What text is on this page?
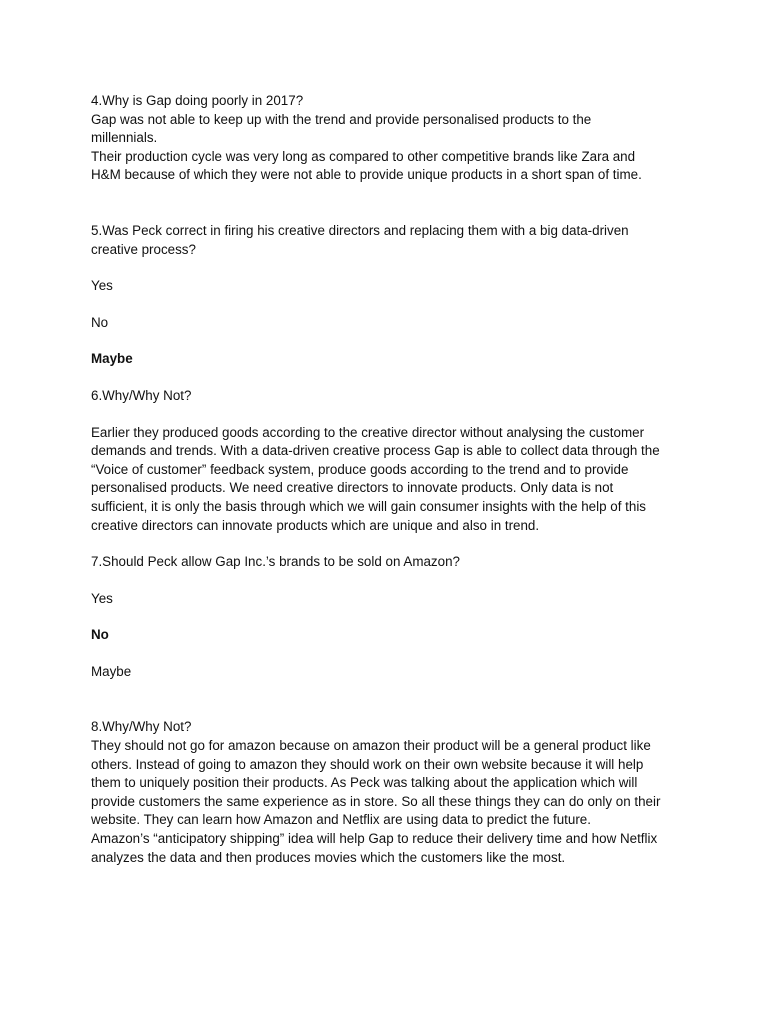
4.Why is Gap doing poorly in 2017?
Gap was not able to keep up with the trend and provide personalised products to the
millennials.
Their production cycle was very long as compared to other competitive brands like Zara and
H&M because of which they were not able to provide unique products in a short span of time.
5.Was Peck correct in firing his creative directors and replacing them with a big data-driven
creative process?
Yes
No
Maybe
6.Why/Why Not?
Earlier they produced goods according to the creative director without analysing the customer
demands and trends. With a data-driven creative process Gap is able to collect data through the
“Voice of customer” feedback system, produce goods according to the trend and to provide
personalised products. We need creative directors to innovate products. Only data is not
sufficient, it is only the basis through which we will gain consumer insights with the help of this
creative directors can innovate products which are unique and also in trend.
7.Should Peck allow Gap Inc.’s brands to be sold on Amazon?
Yes
No
Maybe
8.Why/Why Not?
They should not go for amazon because on amazon their product will be a general product like
others. Instead of going to amazon they should work on their own website because it will help
them to uniquely position their products. As Peck was talking about the application which will
provide customers the same experience as in store. So all these things they can do only on their
website. They can learn how Amazon and Netflix are using data to predict the future.
Amazon’s “anticipatory shipping” idea will help Gap to reduce their delivery time and how Netflix
analyzes the data and then produces movies which the customers like the most.
